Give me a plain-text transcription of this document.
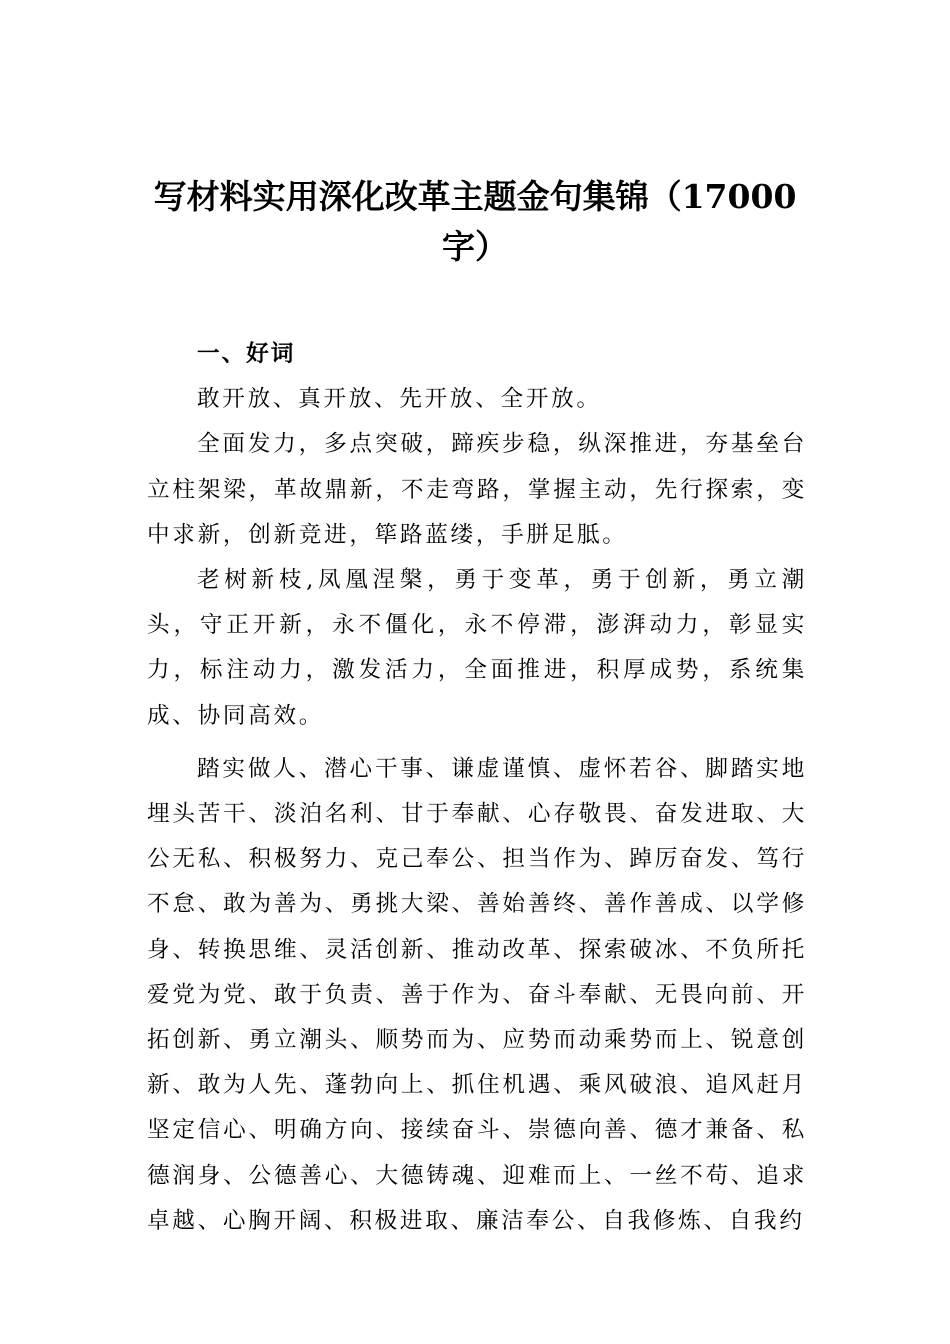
写材料实用深化改革主题金句集锦（17000字）

一、好词

敢开放、真开放、先开放、全开放。

全面发力，多点突破，蹄疾步稳，纵深推进，夯基垒台立柱架梁，革故鼎新，不走弯路，掌握主动，先行探索，变中求新，创新竞进，筚路蓝缕，手胼足胝。

老树新枝,凤凰涅槃，勇于变革，勇于创新，勇立潮头，守正开新，永不僵化，永不停滞，澎湃动力，彰显实力，标注动力，激发活力，全面推进，积厚成势，系统集成、协同高效。

踏实做人、潜心干事、谦虚谨慎、虚怀若谷、脚踏实地埋头苦干、淡泊名利、甘于奉献、心存敬畏、奋发进取、大公无私、积极努力、克己奉公、担当作为、踔厉奋发、笃行不怠、敢为善为、勇挑大梁、善始善终、善作善成、以学修身、转换思维、灵活创新、推动改革、探索破冰、不负所托爱党为党、敢于负责、善于作为、奋斗奉献、无畏向前、开拓创新、勇立潮头、顺势而为、应势而动乘势而上、锐意创新、敢为人先、蓬勃向上、抓住机遇、乘风破浪、追风赶月坚定信心、明确方向、接续奋斗、崇德向善、德才兼备、私德润身、公德善心、大德铸魂、迎难而上、一丝不苟、追求卓越、心胸开阔、积极进取、廉洁奉公、自我修炼、自我约
